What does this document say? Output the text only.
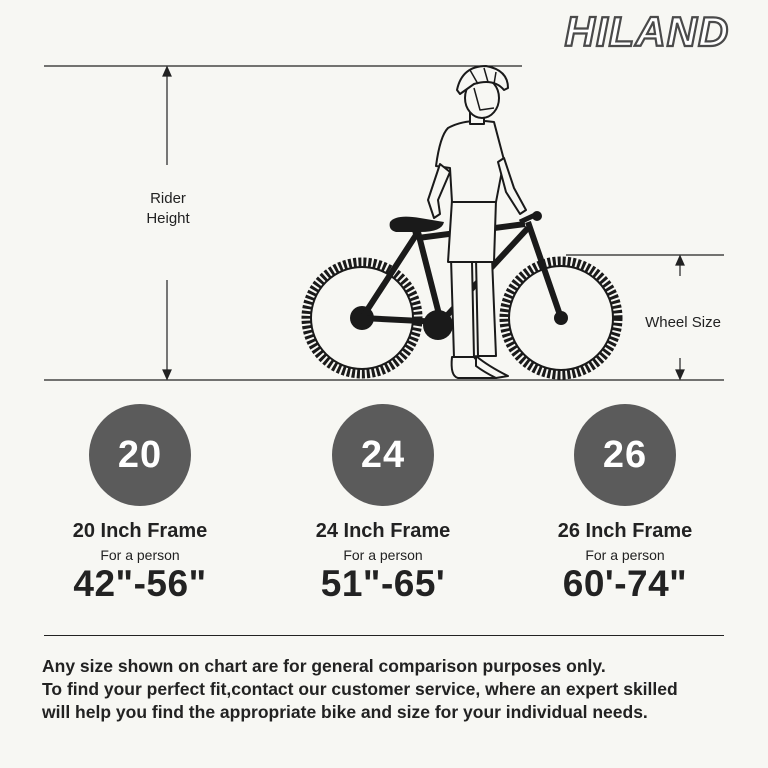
HILAND
Rider
Height
Wheel Size
20
20 Inch Frame
For a person
42"-56"
24
24 Inch Frame
For a person
51"-65'
26
26 Inch Frame
For a person
60'-74"

Any size shown on chart are for general comparison purposes only.
To find your perfect fit,contact our customer service, where an expert skilled
will help you find the appropriate bike and size for your individual needs.
